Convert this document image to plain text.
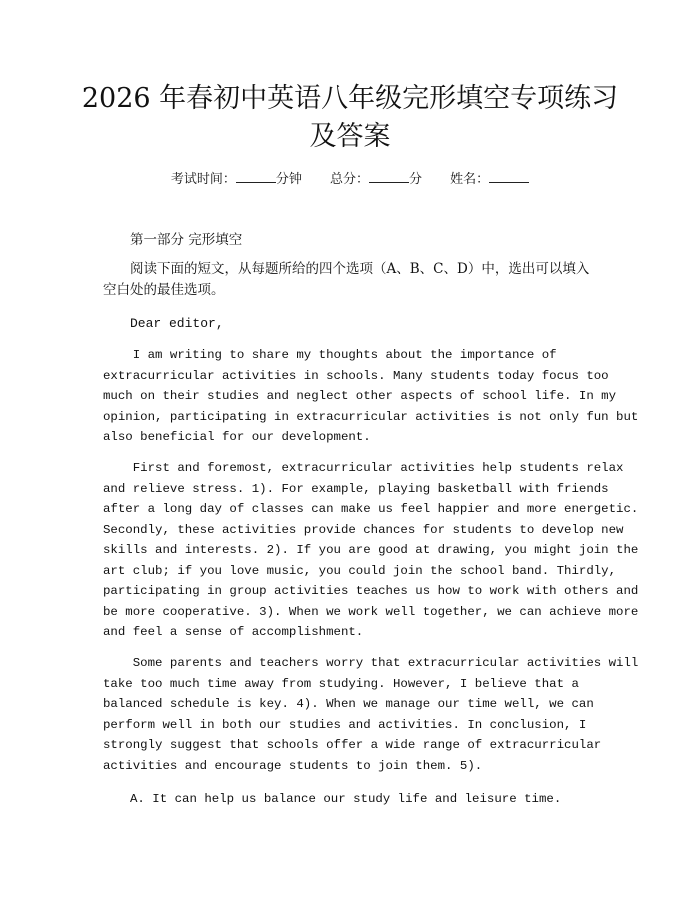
2026 年春初中英语八年级完形填空专项练习
及答案
考试时间：	分钟 总分：	分 姓名：
第一部分 完形填空

阅读下面的短文，从每题所给的四个选项（A、B、C、D）中，选出可以填入空白处的最佳选项。

Dear editor,
I am writing to share my thoughts about the importance of
extracurricular activities in schools. Many students today focus too
much on their studies and neglect other aspects of school life. In my
opinion, participating in extracurricular activities is not only fun but
also beneficial for our development.
First and foremost, extracurricular activities help students relax
and relieve stress. 1). For example, playing basketball with friends
after a long day of classes can make us feel happier and more energetic.
Secondly, these activities provide chances for students to develop new
skills and interests. 2). If you are good at drawing, you might join the
art club; if you love music, you could join the school band. Thirdly,
participating in group activities teaches us how to work with others and
be more cooperative. 3). When we work well together, we can achieve more
and feel a sense of accomplishment.
Some parents and teachers worry that extracurricular activities will
take too much time away from studying. However, I believe that a
balanced schedule is key. 4). When we manage our time well, we can
perform well in both our studies and activities. In conclusion, I
strongly suggest that schools offer a wide range of extracurricular
activities and encourage students to join them. 5).
A. It can help us balance our study life and leisure time.
